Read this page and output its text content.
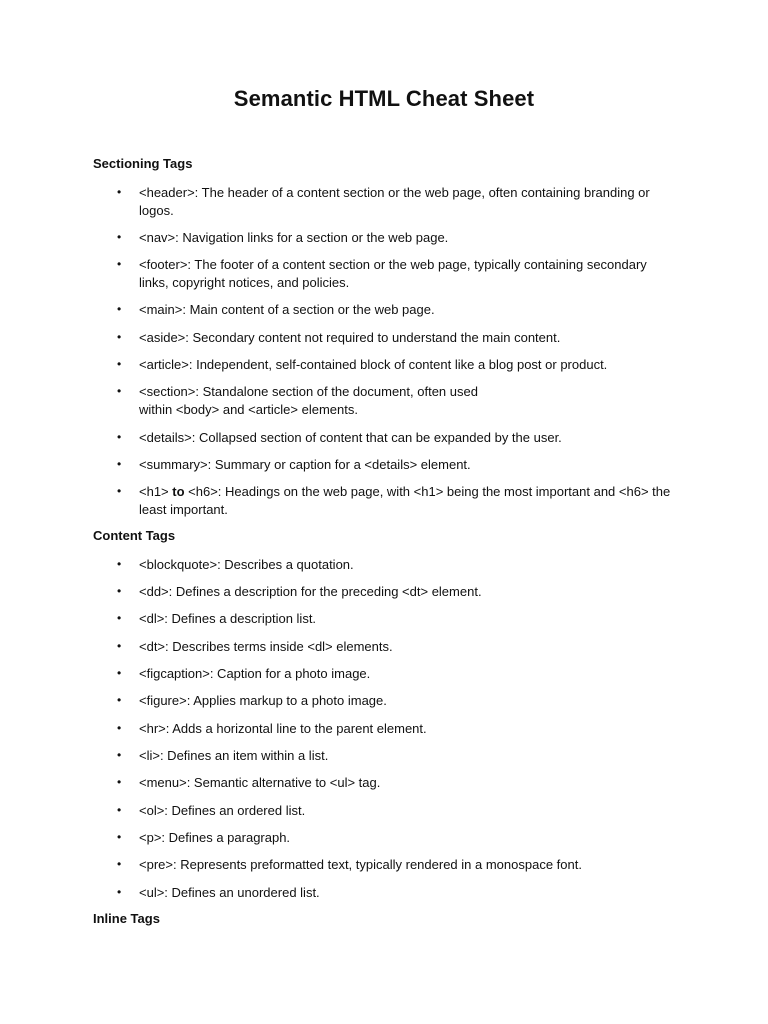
Semantic HTML Cheat Sheet
Sectioning Tags
•	<header>: The header of a content section or the web page, often containing branding or
logos.
•	<nav>: Navigation links for a section or the web page.
•	<footer>: The footer of a content section or the web page, typically containing secondary
links, copyright notices, and policies.
•	<main>: Main content of a section or the web page.
•	<aside>: Secondary content not required to understand the main content.
•	<article>: Independent, self-contained block of content like a blog post or product.
•	<section>: Standalone section of the document, often used
within <body> and <article> elements.
•	<details>: Collapsed section of content that can be expanded by the user.
•	<summary>: Summary or caption for a <details> element.
•	<h1> to <h6>: Headings on the web page, with <h1> being the most important and <h6> the
least important.
Content Tags
•	<blockquote>: Describes a quotation.
•	<dd>: Defines a description for the preceding <dt> element.
•	<dl>: Defines a description list.
•	<dt>: Describes terms inside <dl> elements.
•	<figcaption>: Caption for a photo image.
•	<figure>: Applies markup to a photo image.
•	<hr>: Adds a horizontal line to the parent element.
•	<li>: Defines an item within a list.
•	<menu>: Semantic alternative to <ul> tag.
•	<ol>: Defines an ordered list.
•	<p>: Defines a paragraph.
•	<pre>: Represents preformatted text, typically rendered in a monospace font.
•	<ul>: Defines an unordered list.
Inline Tags
